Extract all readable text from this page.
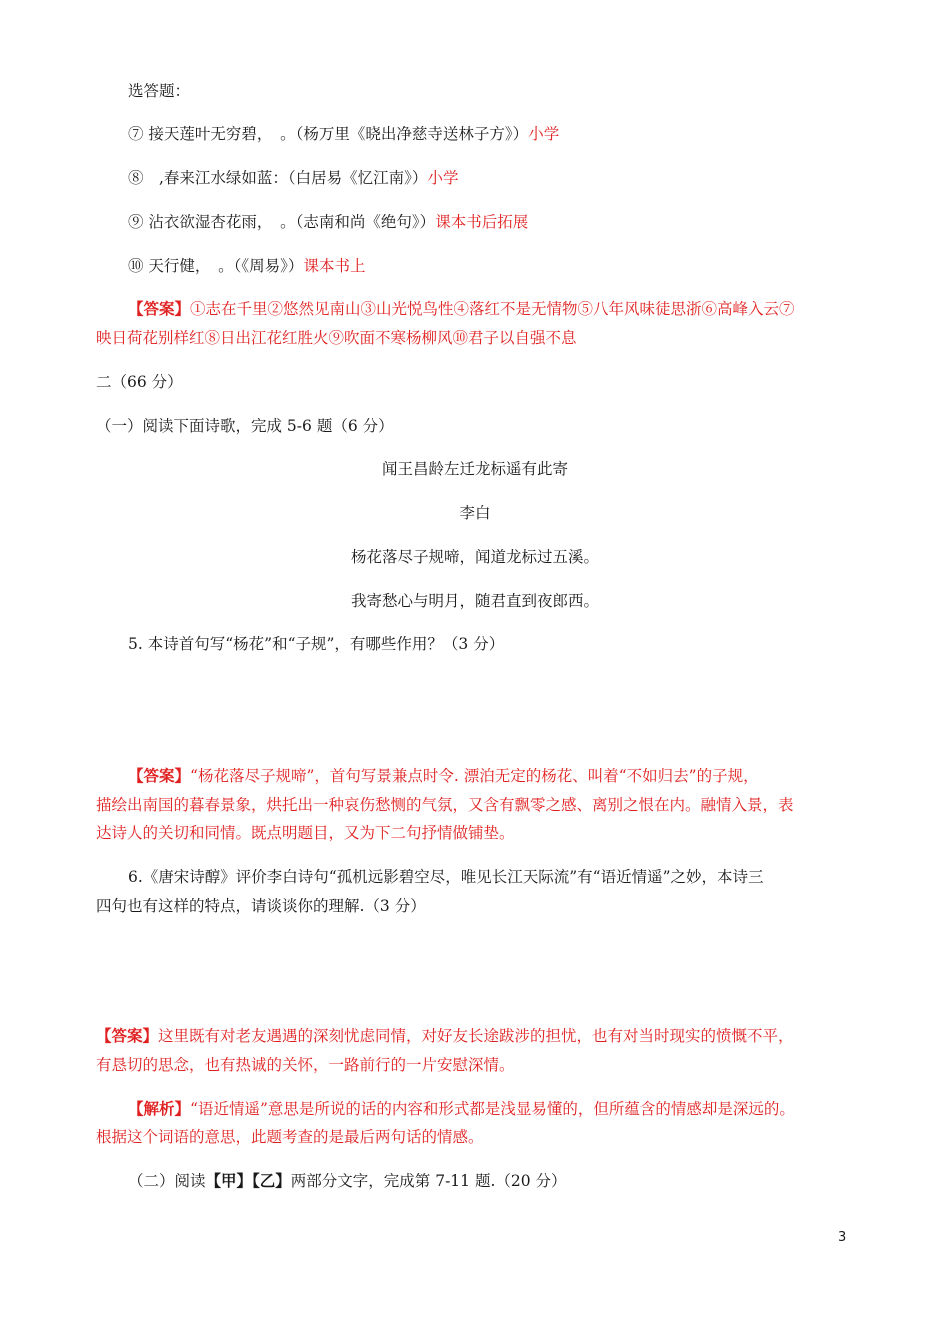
选答题：
⑦ 接天莲叶无穷碧，　。（杨万里《晓出净慈寺送林子方》）小学
⑧　,春来江水绿如蓝：（白居易《忆江南》）小学
⑨ 沾衣欲湿杏花雨，　。（志南和尚《绝句》）课本书后拓展
⑩ 天行健，　。（《周易》）课本书上
【答案】①志在千里②悠然见南山③山光悦鸟性④落红不是无情物⑤八年风味徒思浙⑥高峰入云⑦
映日荷花别样红⑧日出江花红胜火⑨吹面不寒杨柳风⑩君子以自强不息
二（66 分）
（一）阅读下面诗歌，完成 5-6 题（6 分）
闻王昌龄左迁龙标遥有此寄
李白
杨花落尽子规啼，闻道龙标过五溪。
我寄愁心与明月，随君直到夜郎西。
5. 本诗首句写“杨花”和“子规”，有哪些作用？（3 分）
【答案】“杨花落尽子规啼”，首句写景兼点时令. 漂泊无定的杨花、叫着“不如归去”的子规，
描绘出南国的暮春景象，烘托出一种哀伤愁恻的气氛，又含有飘零之感、离别之恨在内。融情入景，表
达诗人的关切和同情。既点明题目，又为下二句抒情做铺垫。
6.《唐宋诗醇》评价李白诗句“孤机远影碧空尽，唯见长江天际流”有“语近情遥”之妙，本诗三
四句也有这样的特点，请谈谈你的理解.（3 分）
【答案】这里既有对老友遇遇的深刻忧虑同情，对好友长途跋涉的担忧，也有对当时现实的愤慨不平，
有恳切的思念，也有热诚的关怀，一路前行的一片安慰深情。
【解析】“语近情遥”意思是所说的话的内容和形式都是浅显易懂的，但所蕴含的情感却是深远的。
根据这个词语的意思，此题考查的是最后两句话的情感。
（二）阅读【甲】【乙】两部分文字，完成第 7-11 题.（20 分）
3
